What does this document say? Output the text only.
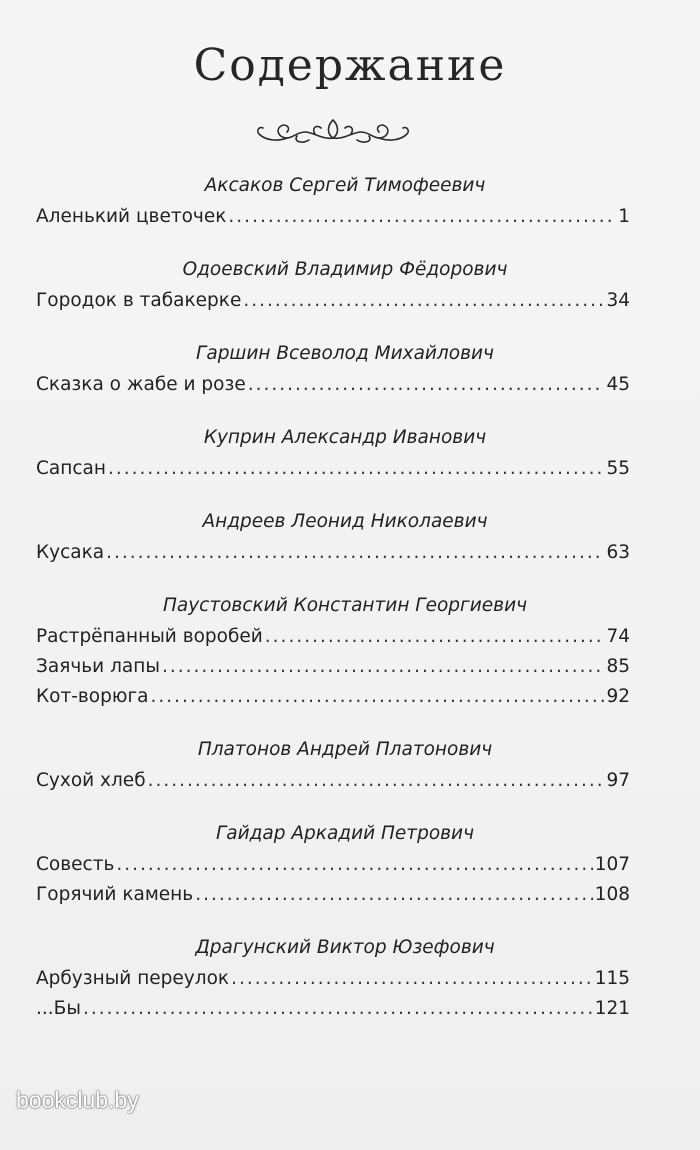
Содержание
Аксаков Сергей Тимофеевич
Аленький цветочек .....	1
Одоевский Владимир Фёдорович
Городок в табакерке .....	34
Гаршин Всеволод Михайлович
Сказка о жабе и розе .....	45
Куприн Александр Иванович
Сапсан .....	55
Андреев Леонид Николаевич
Кусака .....	63
Паустовский Константин Георгиевич
Растрёпанный воробей .....	74
Заячьи лапы .....	85
Кот-ворюга .....	92
Платонов Андрей Платонович
Сухой хлеб .....	97
Гайдар Аркадий Петрович
Совесть .....	107
Горячий камень .....	108
Драгунский Виктор Юзефович
Арбузный переулок .....	115
...Бы .....	121
bookclub.by
